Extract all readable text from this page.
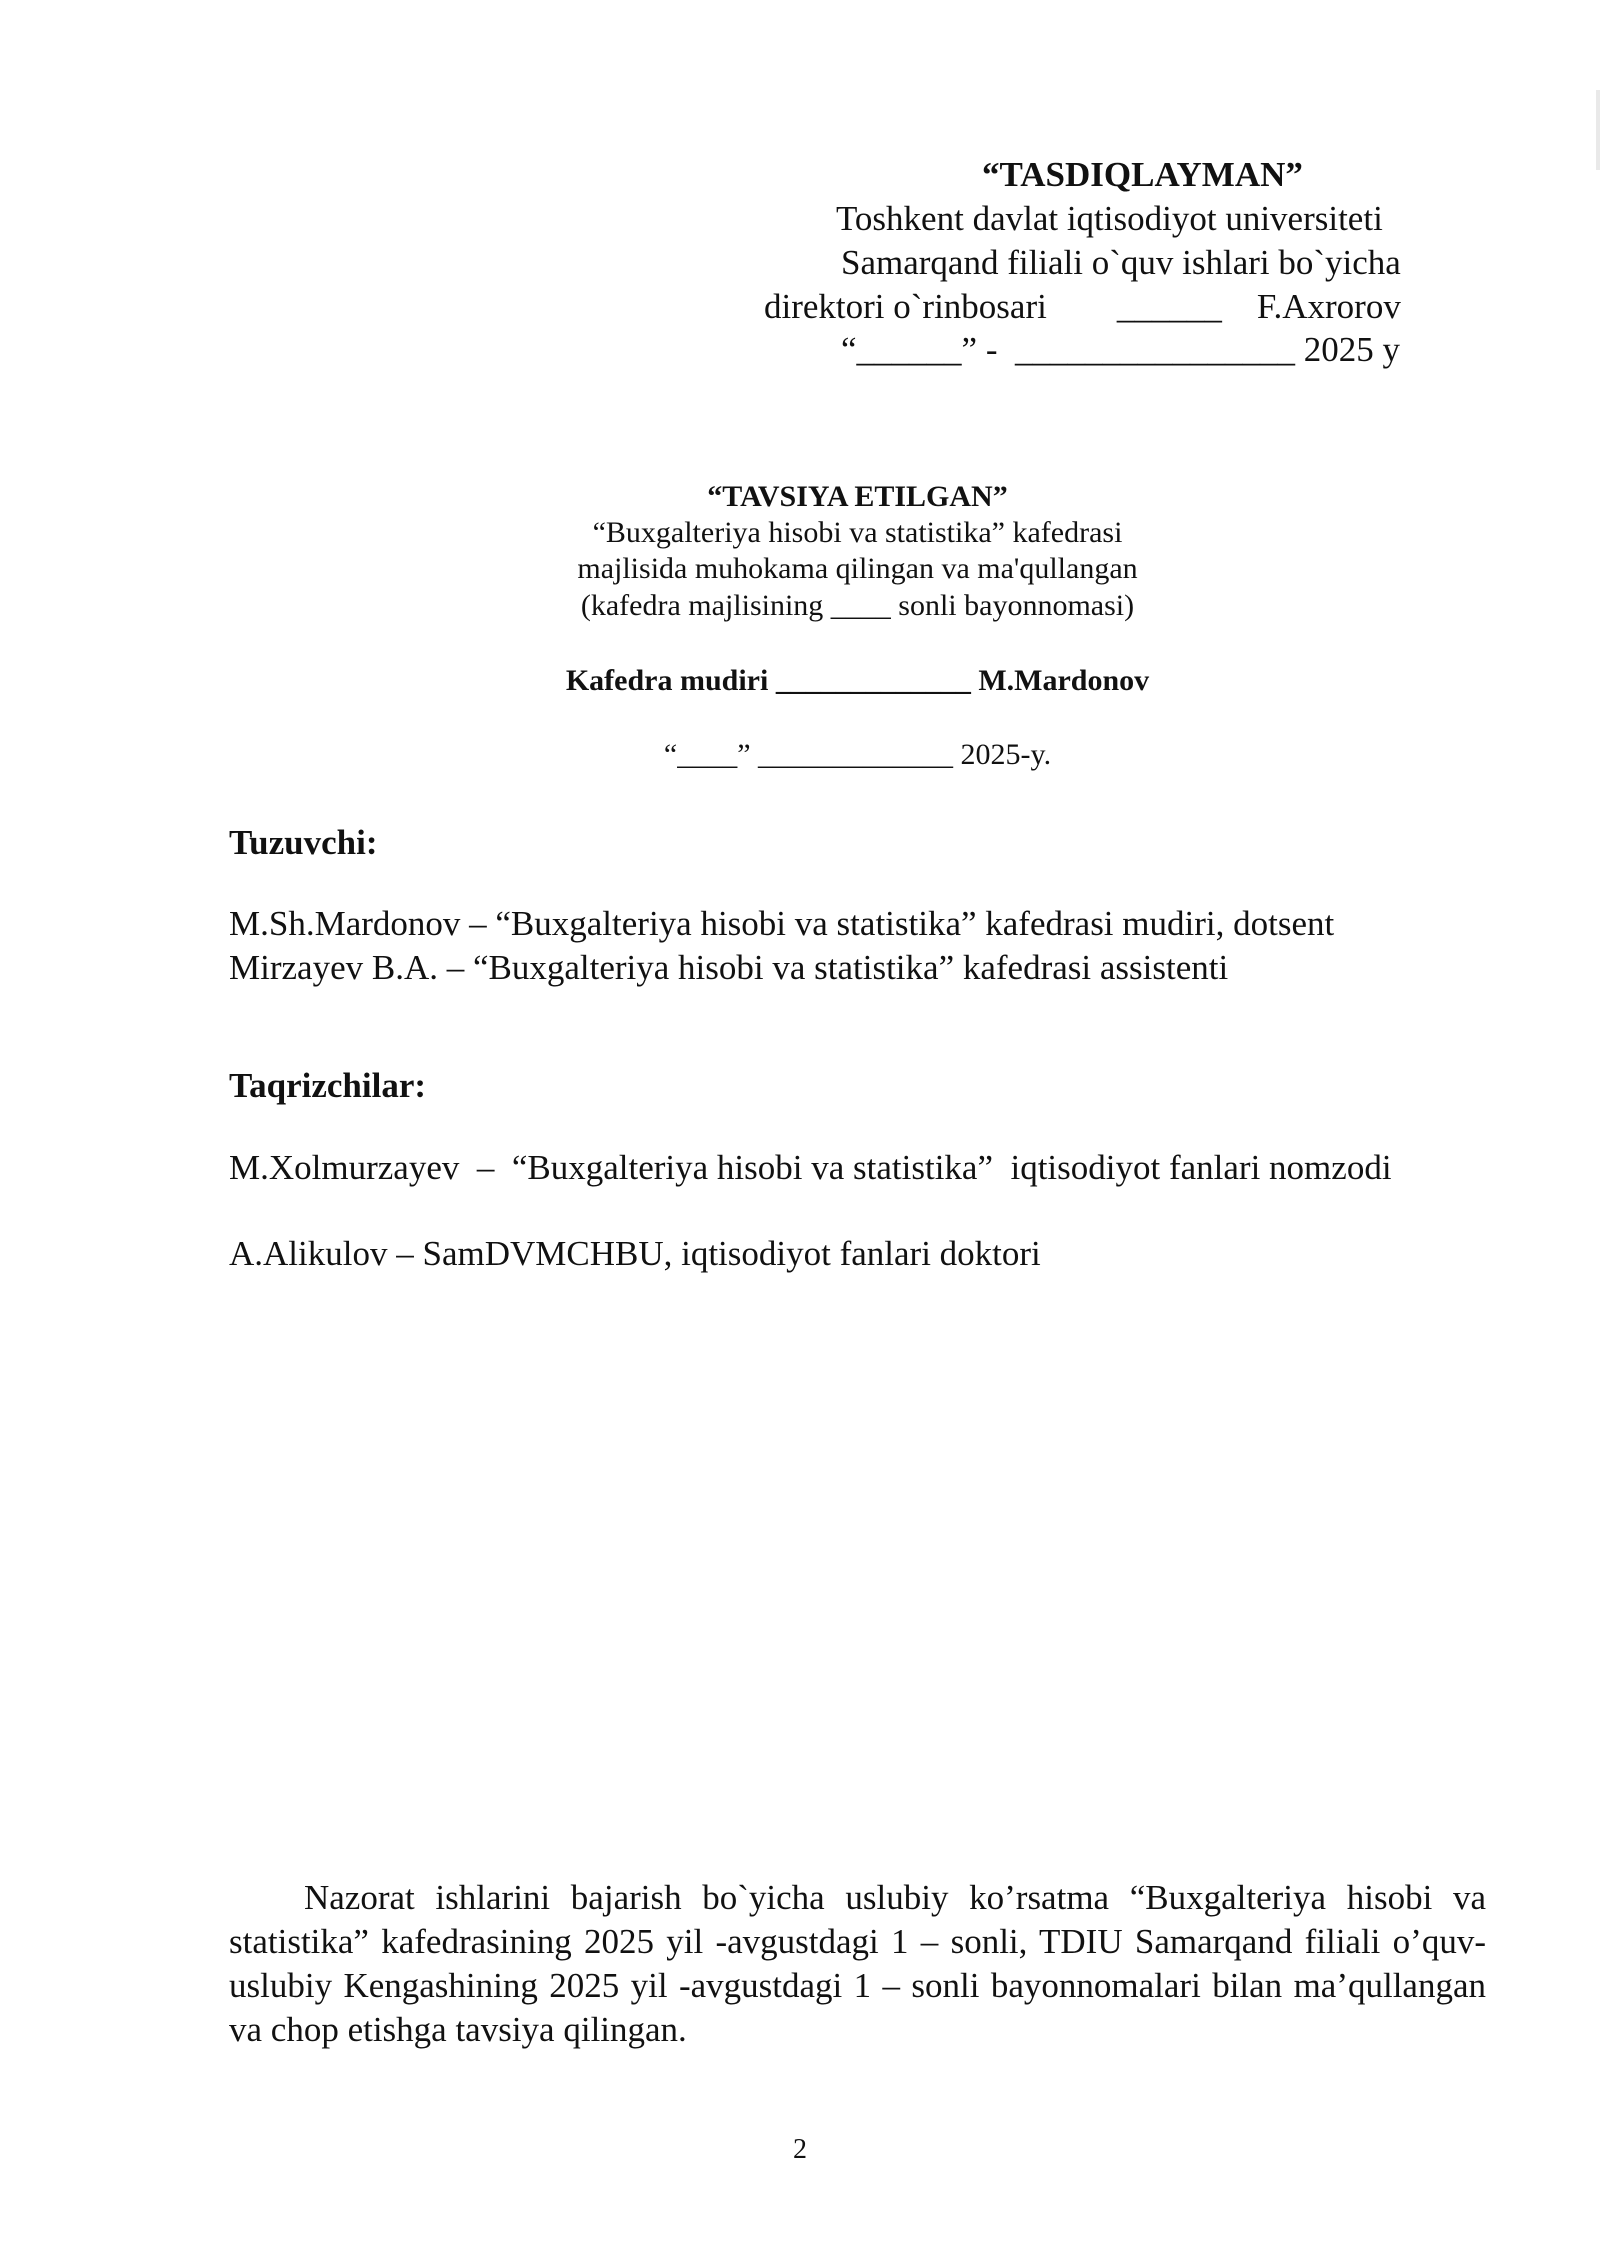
“TASDIQLAYMAN”
Toshkent davlat iqtisodiyot universiteti
Samarqand filiali o`quv ishlari bo`yicha
direktori o`rinbosari        ______    F.Axrorov
“______” -  ________________ 2025 y
“TAVSIYA ETILGAN”
“Buxgalteriya hisobi va statistika” kafedrasi
majlisida muhokama qilingan va ma'qullangan
(kafedra majlisining ____ sonli bayonnomasi)
Kafedra mudiri _____________ M.Mardonov
“____” _____________ 2025-y.
Tuzuvchi:
M.Sh.Mardonov – “Buxgalteriya hisobi va statistika” kafedrasi mudiri, dotsent
Mirzayev B.A. – “Buxgalteriya hisobi va statistika” kafedrasi assistenti
Taqrizchilar:
M.Xolmurzayev  –  “Buxgalteriya hisobi va statistika”  iqtisodiyot fanlari nomzodi
A.Alikulov – SamDVMCHBU, iqtisodiyot fanlari doktori
Nazorat ishlarini bajarish bo`yicha uslubiy ko’rsatma “Buxgalteriya hisobi va statistika” kafedrasining 2025 yil -avgustdagi 1 – sonli, TDIU Samarqand filiali o’quv-uslubiy Kengashining 2025 yil -avgustdagi 1 – sonli bayonnomalari bilan ma’qullangan va chop etishga tavsiya qilingan.
2
